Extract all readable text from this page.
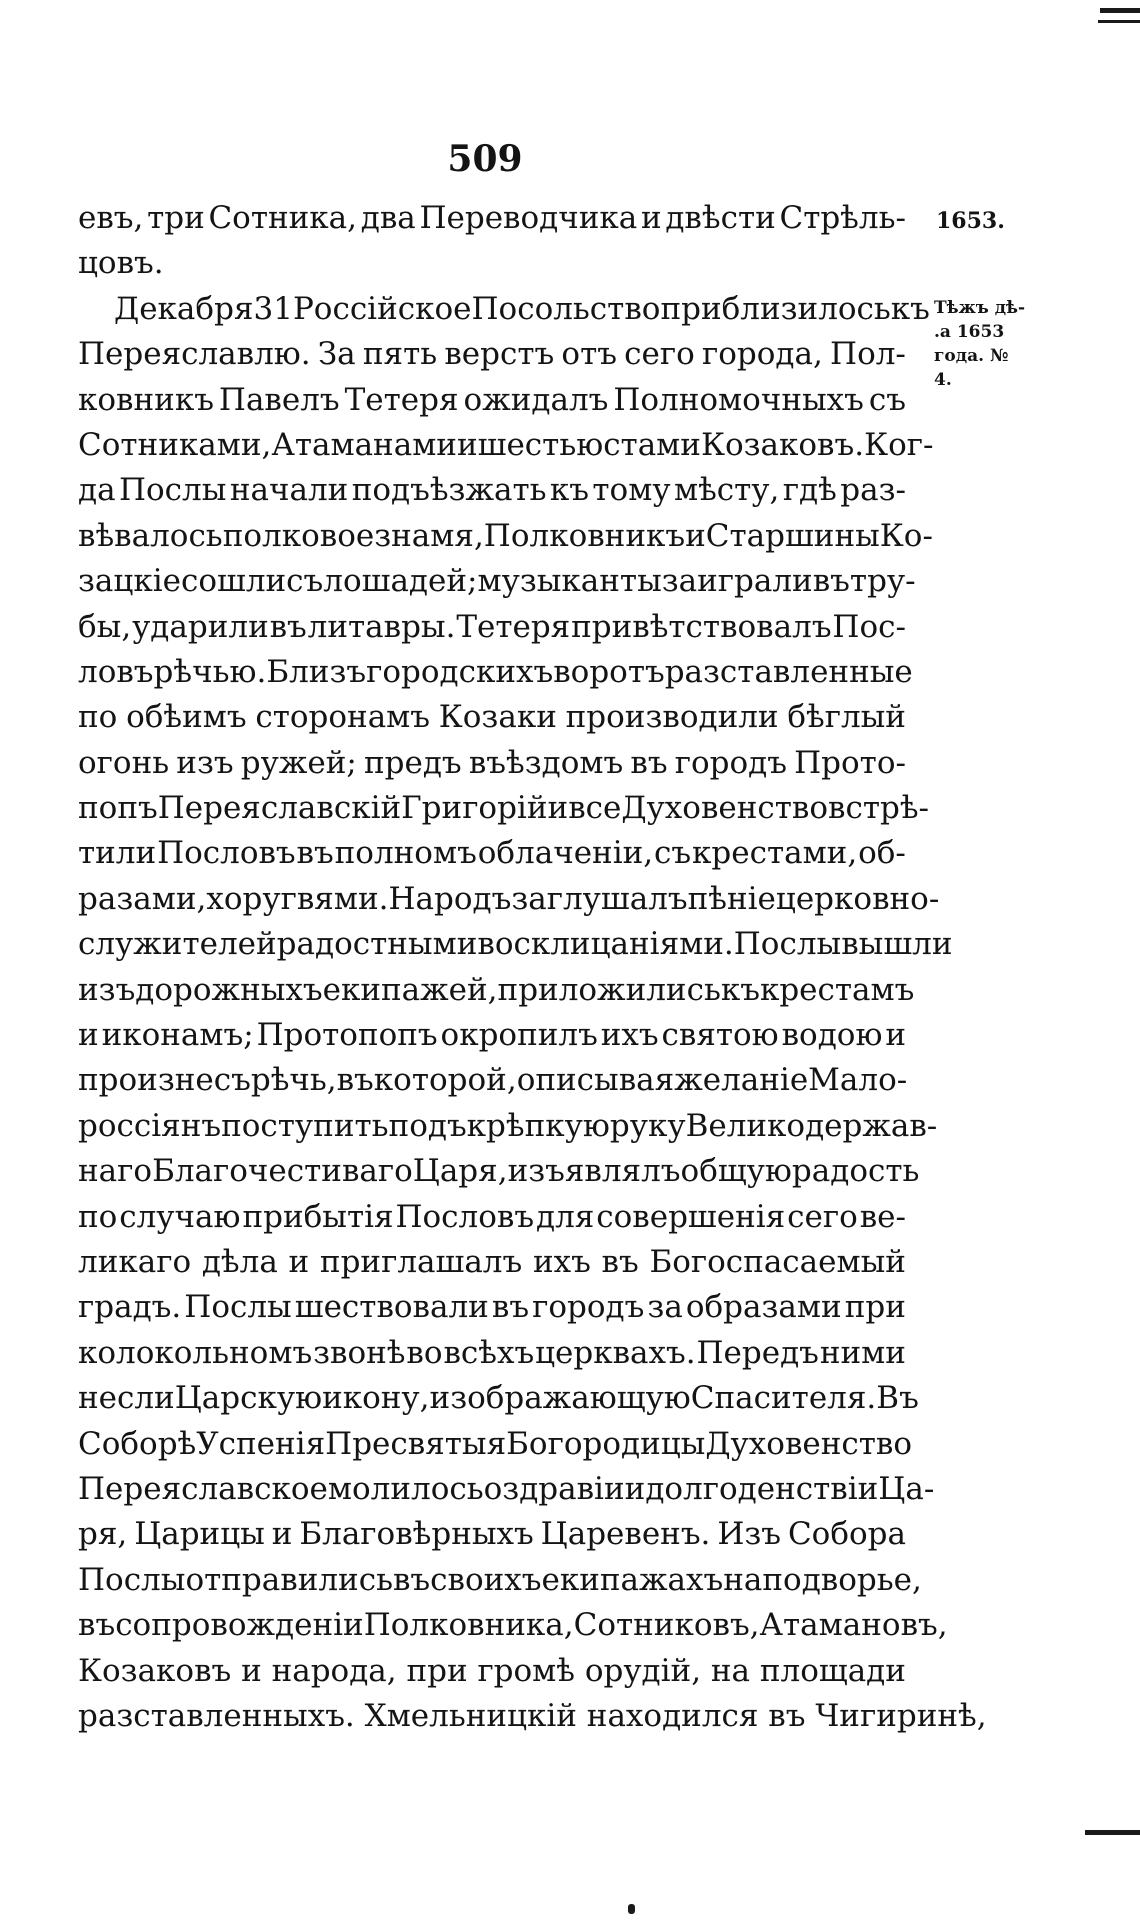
509
1653.
Тѣжъ дѣ-
.а 1653
года. №
4.
евъ, три Сотника, два Переводчика и двѣсти Стрѣль-
цовъ.
Декабря 31 Россійское Посольство приблизилось къ
Переяславлю. За пять верстъ отъ сего города, Пол-
ковникъ Павелъ Тетеря ожидалъ Полномочныхъ съ
Сотниками, Атаманами и шестью стами Козаковъ. Ког-
да Послы начали подъѣзжать къ тому мѣсту, гдѣ раз-
вѣвалось полковое знамя, Полковникъ и Старшины Ко-
зацкіе сошли съ лошадей; музыканты заиграли въ тру-
бы, ударили въ литавры. Тетеря привѣтствовалъ Пос-
ловъ рѣчью. Близъ городскихъ воротъ разставленные
по обѣимъ сторонамъ Козаки производили бѣглый
огонь изъ ружей; предъ въѣздомъ въ городъ Прото-
попъ Переяславскій Григорій и все Духовенство встрѣ-
тили Пословъ въ полномъ облаченіи, съ крестами, об-
разами, хоругвями. Народъ заглушалъ пѣніе церковно-
служителей радостными восклицаніями. Послы вышли
изъ дорожныхъ екипажей, приложились къ крестамъ
и иконамъ; Протопопъ окропилъ ихъ святою водою и
произнесъ рѣчь, въ которой, описывая желаніе Мало-
россіянъ поступить подъ крѣпкую руку Великодержав-
наго Благочестиваго Царя, изъявлялъ общую радость
по случаю прибытія Пословъ для совершенія сего ве-
ликаго дѣла и приглашалъ ихъ въ Богоспасаемый
градъ. Послы шествовали въ городъ за образами при
колокольномъ звонѣ во всѣхъ церквахъ. Передъ ними
несли Царскую икону, изображающую Спасителя. Въ
Соборѣ Успенія Пресвятыя Богородицы Духовенство
Переяславское молилось о здравіи и долгоденствіи Ца-
ря, Царицы и Благовѣрныхъ Царевенъ. Изъ Собора
Послы отправились въ своихъ екипажахъ на подворье,
въ сопровожденіи Полковника, Сотниковъ, Атамановъ,
Козаковъ и народа, при громѣ орудій, на площади
разставленныхъ. Хмельницкій находился въ Чигиринѣ,
